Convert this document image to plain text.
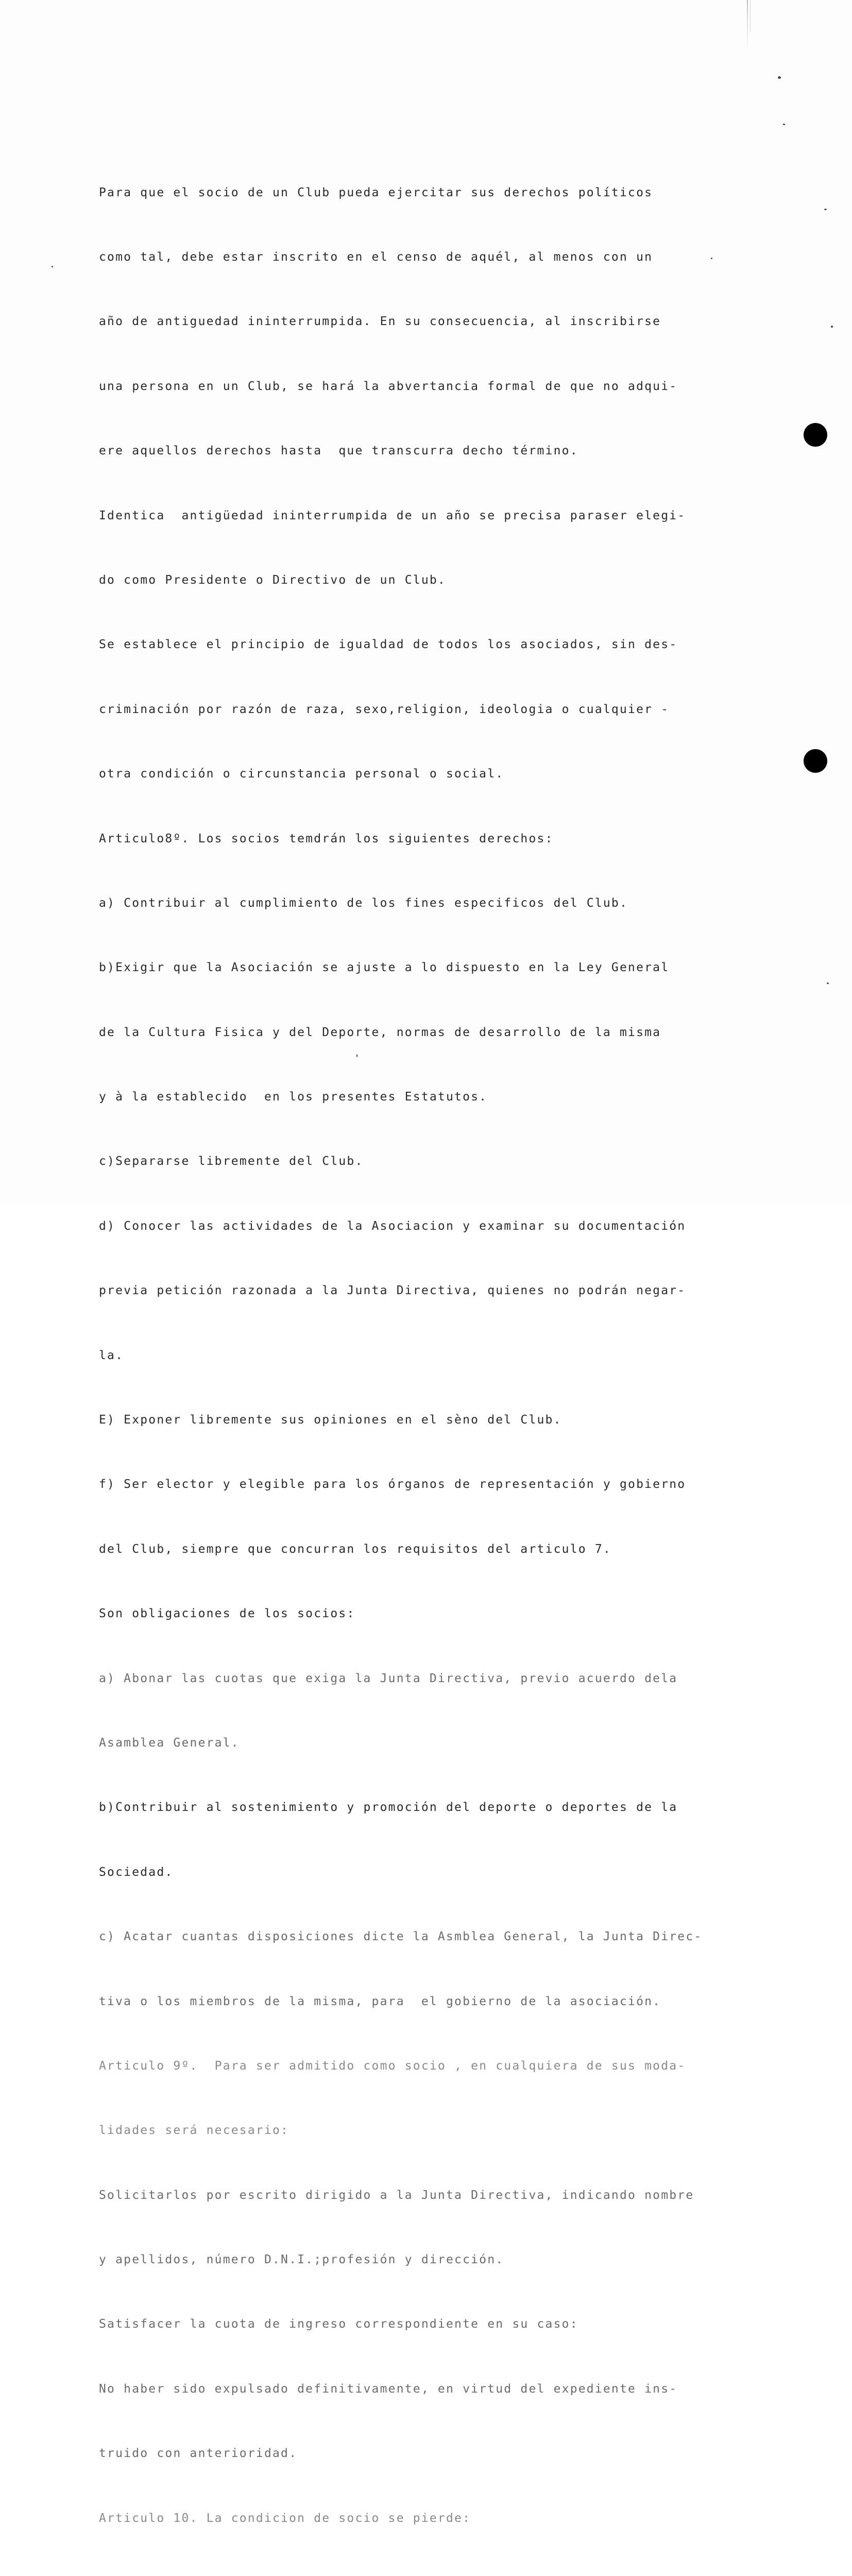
Para que el socio de un Club pueda ejercitar sus derechos políticos

como tal, debe estar inscrito en el censo de aquél, al menos con un

año de antiguedad ininterrumpida. En su consecuencia, al inscribirse

una persona en un Club, se hará la abvertancia formal de que no adqui-

ere aquellos derechos hasta  que transcurra decho término.

Identica  antigüedad ininterrumpida de un año se precisa paraser elegi-

do como Presidente o Directivo de un Club.

Se establece el principio de igualdad de todos los asociados, sin des-

criminación por razón de raza, sexo,religion, ideologia o cualquier -

otra condición o circunstancia personal o social.

Articulo8º. Los socios temdrán los siguientes derechos:

a) Contribuir al cumplimiento de los fines especificos del Club.

b)Exigir que la Asociación se ajuste a lo dispuesto en la Ley General

de la Cultura Fisica y del Deporte, normas de desarrollo de la misma

y à la establecido  en los presentes Estatutos.

c)Separarse libremente del Club.

d) Conocer las actividades de la Asociacion y examinar su documentación

previa petición razonada a la Junta Directiva, quienes no podrán negar-

la.

E) Exponer libremente sus opiniones en el sèno del Club.

f) Ser elector y elegible para los órganos de representación y gobierno

del Club, siempre que concurran los requisitos del articulo 7.

Son obligaciones de los socios:

a) Abonar las cuotas que exiga la Junta Directiva, previo acuerdo dela

Asamblea General.

b)Contribuir al sostenimiento y promoción del deporte o deportes de la

Sociedad.

c) Acatar cuantas disposiciones dicte la Asmblea General, la Junta Direc-

tiva o los miembros de la misma, para  el gobierno de la asociación.

Articulo 9º.  Para ser admitido como socio , en cualquiera de sus moda-

lidades será necesario:

Solicitarlos por escrito dirigido a la Junta Directiva, indicando nombre

y apellidos, número D.N.I.;profesión y dirección.

Satisfacer la cuota de ingreso correspondiente en su caso:

No haber sido expulsado definitivamente, en virtud del expediente ins-

truido con anterioridad.

Articulo 10. La condicion de socio se pierde:
